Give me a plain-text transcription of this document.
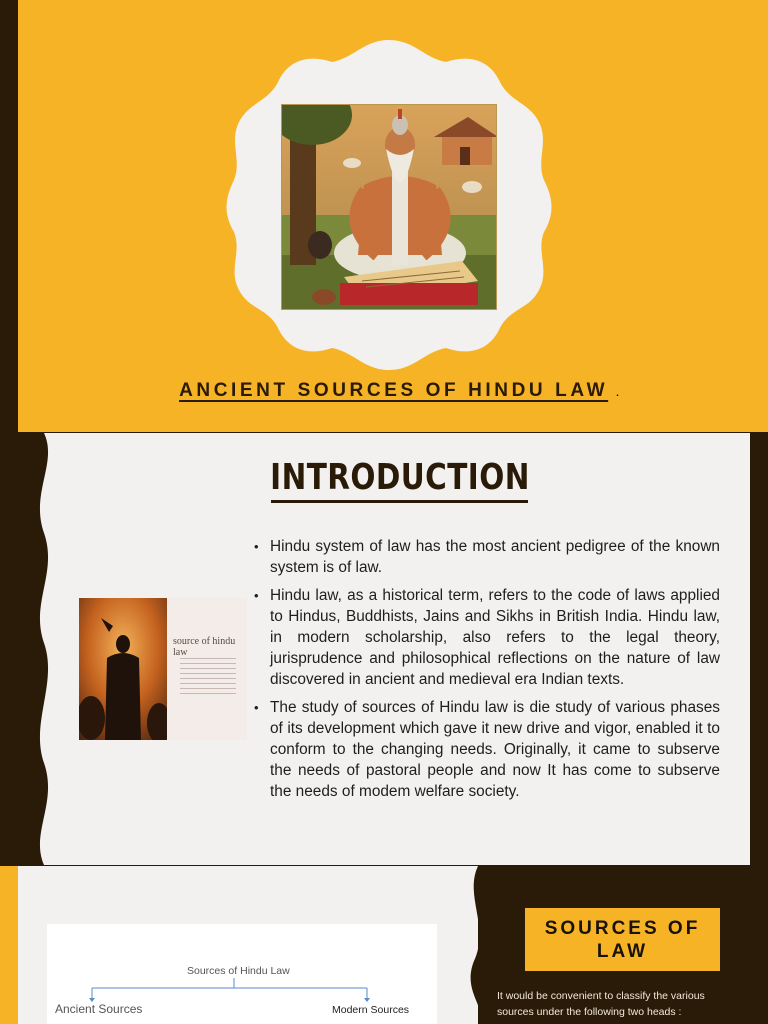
ANCIENT SOURCES OF HINDU LAW .
INTRODUCTION
source of hindu law
• Hindu system of law has the most ancient pedigree of the known system is of law.
• Hindu law, as a historical term, refers to the code of laws applied to Hindus, Buddhists, Jains and Sikhs in British India. Hindu law, in modern scholarship, also refers to the legal theory, jurisprudence and philosophical reflections on the nature of law discovered in ancient and medieval era Indian texts.
• The study of sources of Hindu law is die study of various phases of its development which gave it new drive and vigor, enabled it to conform to the changing needs. Originally, it came to subserve the needs of pastoral people and now It has come to subserve the needs of modem welfare society.
Sources of Hindu Law
Ancient Sources	Modern Sources
SOURCES OF LAW
It would be convenient to classify the various sources under the following two heads :
